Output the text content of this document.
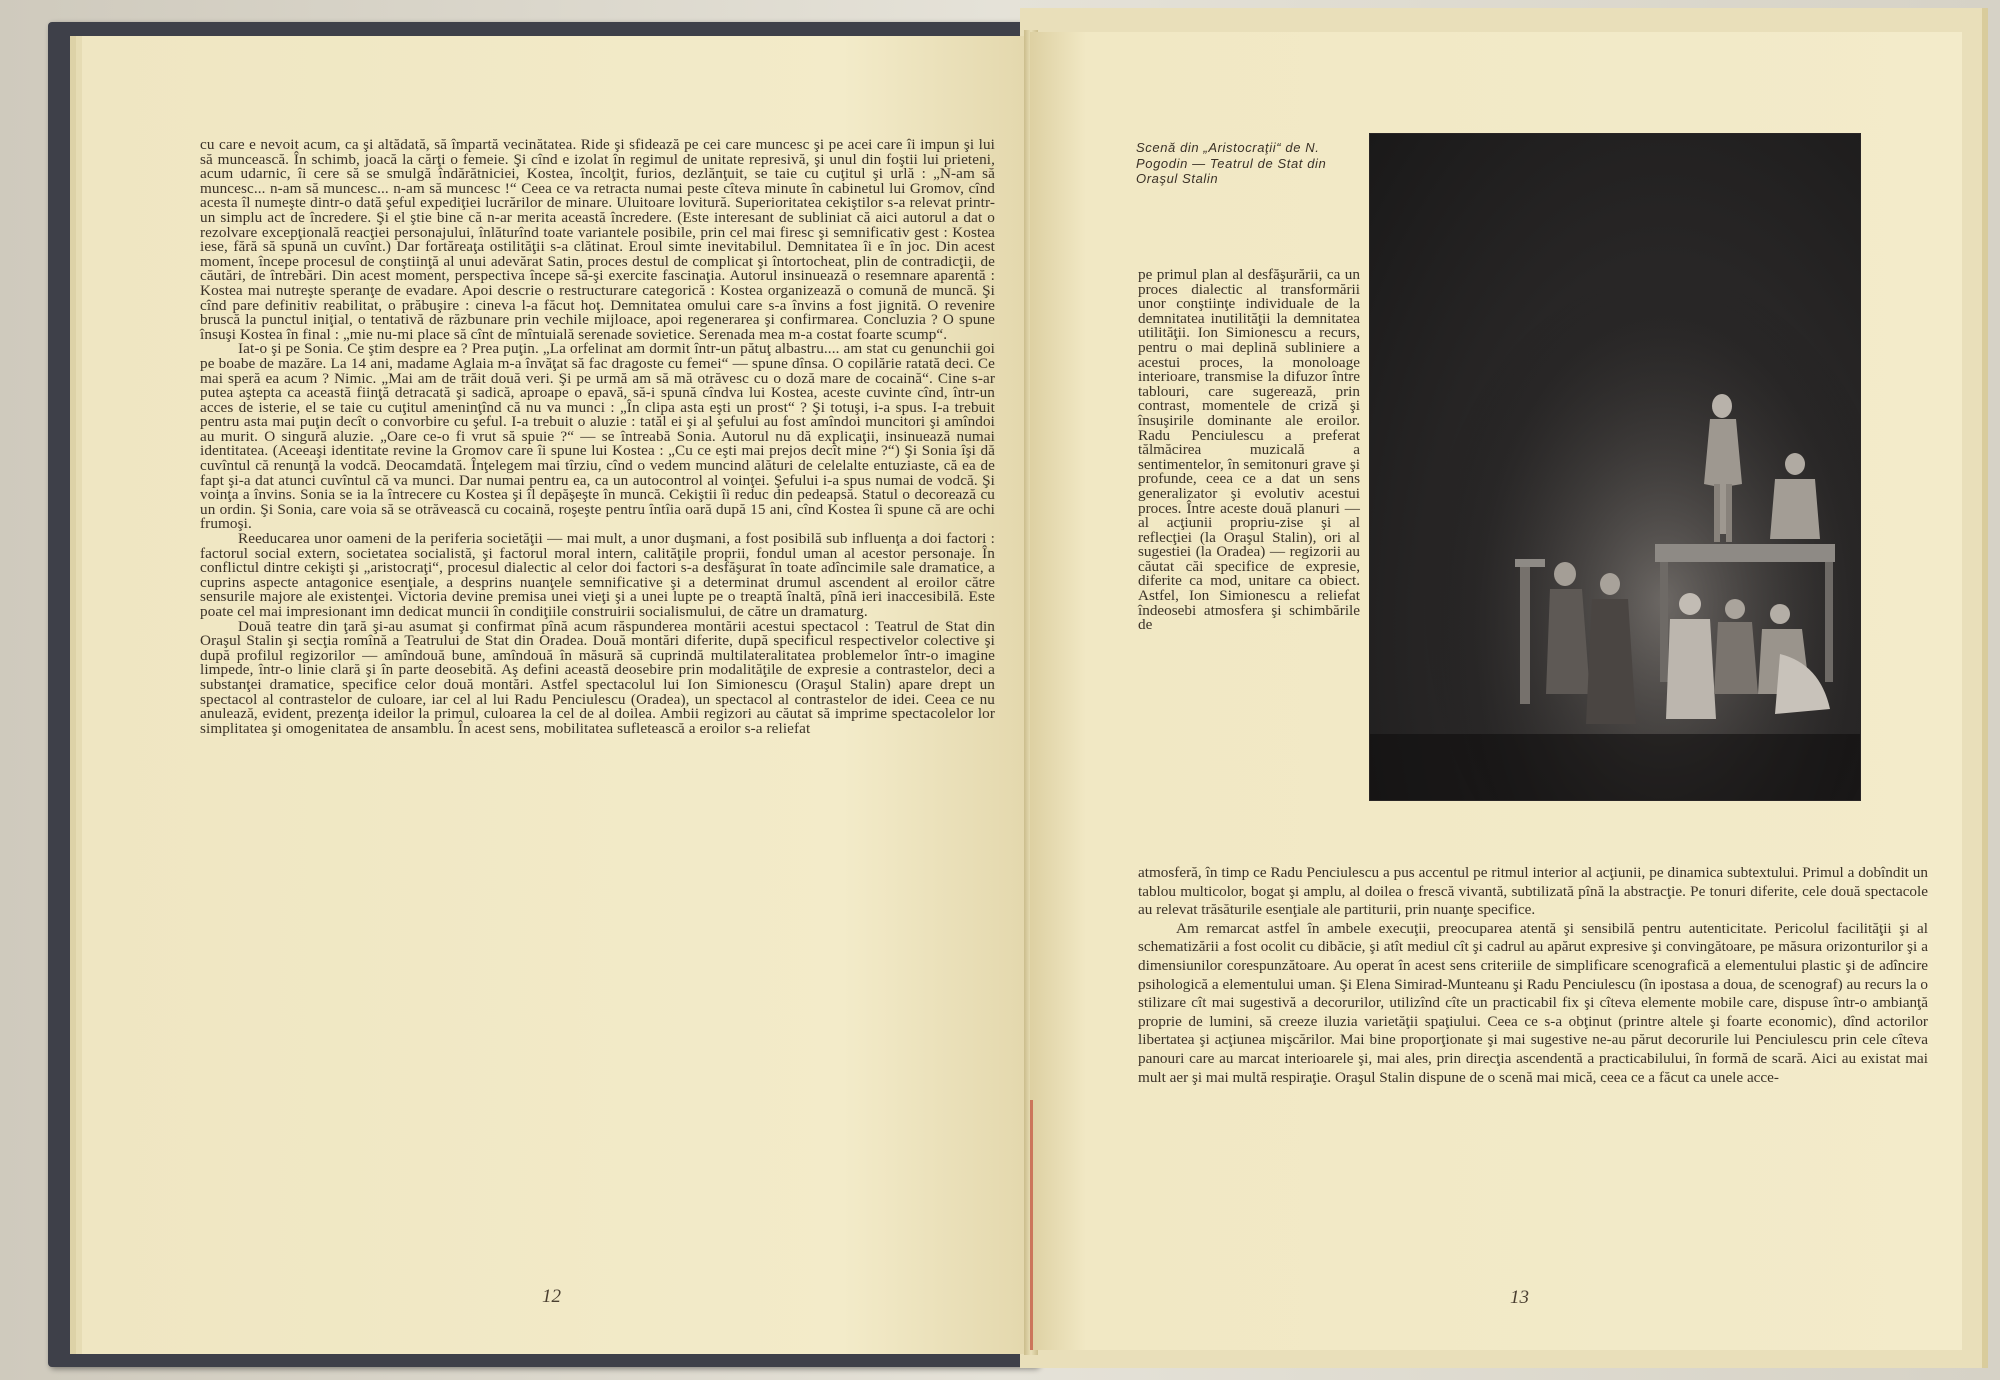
cu care e nevoit acum, ca şi altădată, să împartă vecinătatea. Ride şi sfidează pe cei care muncesc şi pe acei care îi impun şi lui să muncească. În schimb, joacă la cărţi o femeie. Şi cînd e izolat în regimul de unitate represivă, şi unul din foştii lui prieteni, acum udarnic, îi cere să se smulgă îndărătniciei, Kostea, încolţit, furios, dezlănţuit, se taie cu cuţitul şi urlă : „N-am să muncesc... n-am să muncesc... n-am să muncesc !“ Ceea ce va retracta numai peste cîteva minute în cabinetul lui Gromov, cînd acesta îl numeşte dintr-o dată şeful expediţiei lucrărilor de minare. Uluitoare lovitură. Superioritatea cekiştilor s-a relevat printr-un simplu act de încredere. Şi el ştie bine că n-ar merita această încredere. (Este interesant de subliniat că aici autorul a dat o rezolvare excepţională reacţiei personajului, înlăturînd toate variantele posibile, prin cel mai firesc şi semnificativ gest : Kostea iese, fără să spună un cuvînt.) Dar fortăreaţa ostilităţii s-a clătinat. Eroul simte inevitabilul. Demnitatea îi e în joc. Din acest moment, începe procesul de conştiinţă al unui adevărat Satin, proces destul de complicat şi întortocheat, plin de contradicţii, de căutări, de întrebări. Din acest moment, perspectiva începe să-şi exercite fascinaţia. Autorul insinuează o resemnare aparentă : Kostea mai nutreşte speranţe de evadare. Apoi descrie o restructurare categorică : Kostea organizează o comună de muncă. Şi cînd pare definitiv reabilitat, o prăbuşire : cineva l-a făcut hoţ. Demnitatea omului care s-a învins a fost jignită. O revenire bruscă la punctul iniţial, o tentativă de răzbunare prin vechile mijloace, apoi regenerarea şi confirmarea. Concluzia ? O spune însuşi Kostea în final : „mie nu-mi place să cînt de mîntuială serenade sovietice. Serenada mea m-a costat foarte scump“.

Iat-o şi pe Sonia. Ce ştim despre ea ? Prea puţin. „La orfelinat am dormit într-un pătuţ albastru.... am stat cu genunchii goi pe boabe de mazăre. La 14 ani, madame Aglaia m-a învăţat să fac dragoste cu femei“ — spune dînsa. O copilărie ratată deci. Ce mai speră ea acum ? Nimic. „Mai am de trăit două veri. Şi pe urmă am să mă otrăvesc cu o doză mare de cocaină“. Cine s-ar putea aştepta ca această fiinţă detracată şi sadică, aproape o epavă, să-i spună cîndva lui Kostea, aceste cuvinte cînd, într-un acces de isterie, el se taie cu cuţitul ameninţînd că nu va munci : „În clipa asta eşti un prost“ ? Şi totuşi, i-a spus. I-a trebuit pentru asta mai puţin decît o convorbire cu şeful. I-a trebuit o aluzie : tatăl ei şi al şefului au fost amîndoi muncitori şi amîndoi au murit. O singură aluzie. „Oare ce-o fi vrut să spuie ?“ — se întreabă Sonia. Autorul nu dă explicaţii, insinuează numai identitatea. (Aceeaşi identitate revine la Gromov care îi spune lui Kostea : „Cu ce eşti mai prejos decît mine ?“) Şi Sonia îşi dă cuvîntul că renunţă la vodcă. Deocamdată. Înţelegem mai tîrziu, cînd o vedem muncind alături de celelalte entuziaste, că ea de fapt şi-a dat atunci cuvîntul că va munci. Dar numai pentru ea, ca un autocontrol al voinţei. Şefului i-a spus numai de vodcă. Şi voinţa a învins. Sonia se ia la întrecere cu Kostea şi îl depăşeşte în muncă. Cekiştii îi reduc din pedeapsă. Statul o decorează cu un ordin. Şi Sonia, care voia să se otrăvească cu cocaină, roşeşte pentru întîia oară după 15 ani, cînd Kostea îi spune că are ochi frumoşi.

Reeducarea unor oameni de la periferia societăţii — mai mult, a unor duşmani, a fost posibilă sub influenţa a doi factori : factorul social extern, societatea socialistă, şi factorul moral intern, calităţile proprii, fondul uman al acestor personaje. În conflictul dintre cekişti şi „aristocraţi“, procesul dialectic al celor doi factori s-a desfăşurat în toate adîncimile sale dramatice, a cuprins aspecte antagonice esenţiale, a desprins nuanţele semnificative şi a determinat drumul ascendent al eroilor către sensurile majore ale existenţei. Victoria devine premisa unei vieţi şi a unei lupte pe o treaptă înaltă, pînă ieri inaccesibilă. Este poate cel mai impresionant imn dedicat muncii în condiţiile construirii socialismului, de către un dramaturg.

Două teatre din ţară şi-au asumat şi confirmat pînă acum răspunderea montării acestui spectacol : Teatrul de Stat din Oraşul Stalin şi secţia romînă a Teatrului de Stat din Oradea. Două montări diferite, după specificul respectivelor colective şi după profilul regizorilor — amîndouă bune, amîndouă în măsură să cuprindă multilateralitatea problemelor într-o imagine limpede, într-o linie clară şi în parte deosebită. Aş defini această deosebire prin modalităţile de expresie a contrastelor, deci a substanţei dramatice, specifice celor două montări. Astfel spectacolul lui Ion Simionescu (Oraşul Stalin) apare drept un spectacol al contrastelor de culoare, iar cel al lui Radu Penciulescu (Oradea), un spectacol al contrastelor de idei. Ceea ce nu anulează, evident, prezenţa ideilor la primul, culoarea la cel de al doilea. Ambii regizori au căutat să imprime spectacolelor lor simplitatea şi omogenitatea de ansamblu. În acest sens, mobilitatea sufletească a eroilor s-a reliefat

12
Scenă din „Aristocraţii“ de N. Pogodin — Teatrul de Stat din Oraşul Stalin

pe primul plan al desfăşurării, ca un proces dialectic al transformării unor conştiinţe individuale de la demnitatea inutilităţii la demnitatea utilităţii. Ion Simionescu a recurs, pentru o mai deplină subliniere a acestui proces, la monoloage interioare, transmise la difuzor între tablouri, care sugerează, prin contrast, momentele de criză şi însuşirile dominante ale eroilor. Radu Penciulescu a preferat tălmăcirea muzicală a sentimentelor, în semitonuri grave şi profunde, ceea ce a dat un sens generalizator şi evolutiv acestui proces. Între aceste două planuri — al acţiunii propriu-zise şi al reflecţiei (la Oraşul Stalin), ori al sugestiei (la Oradea) — regizorii au căutat căi specifice de expresie, diferite ca mod, unitare ca obiect. Astfel, Ion Simionescu a reliefat îndeosebi atmosfera şi schimbările de

atmosferă, în timp ce Radu Penciulescu a pus accentul pe ritmul interior al acţiunii, pe dinamica subtextului. Primul a dobîndit un tablou multicolor, bogat şi amplu, al doilea o frescă vivantă, subtilizată pînă la abstracţie. Pe tonuri diferite, cele două spectacole au relevat trăsăturile esenţiale ale partiturii, prin nuanţe specifice.

Am remarcat astfel în ambele execuţii, preocuparea atentă şi sensibilă pentru autenticitate. Pericolul facilităţii şi al schematizării a fost ocolit cu dibăcie, şi atît mediul cît şi cadrul au apărut expresive şi convingătoare, pe măsura orizonturilor şi a dimensiunilor corespunzătoare. Au operat în acest sens criteriile de simplificare scenografică a elementului plastic şi de adîncire psihologică a elementului uman. Şi Elena Simirad-Munteanu şi Radu Penciulescu (în ipostasa a doua, de scenograf) au recurs la o stilizare cît mai sugestivă a decorurilor, utilizînd cîte un practicabil fix şi cîteva elemente mobile care, dispuse într-o ambianţă proprie de lumini, să creeze iluzia varietăţii spaţiului. Ceea ce s-a obţinut (printre altele şi foarte economic), dînd actorilor libertatea şi acţiunea mişcărilor. Mai bine proporţionate şi mai sugestive ne-au părut decorurile lui Penciulescu prin cele cîteva panouri care au marcat interioarele şi, mai ales, prin direcţia ascendentă a practicabilului, în formă de scară. Aici au existat mai mult aer şi mai multă respiraţie. Oraşul Stalin dispune de o scenă mai mică, ceea ce a făcut ca unele acce-

13
